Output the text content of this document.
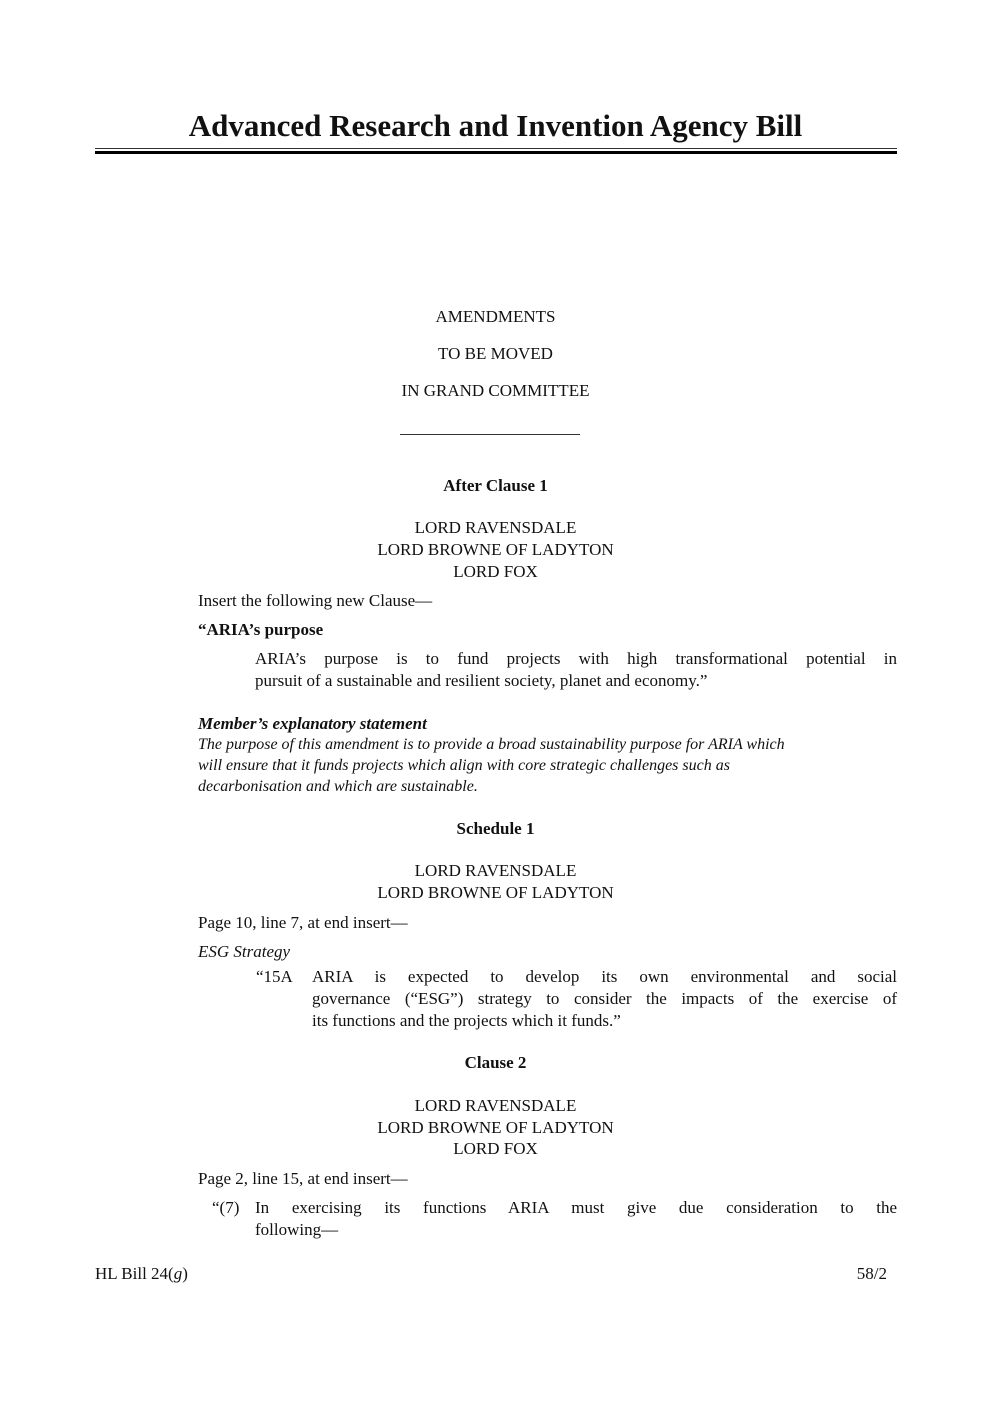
Advanced Research and Invention Agency Bill
AMENDMENTS
TO BE MOVED
IN GRAND COMMITTEE
After Clause 1
LORD RAVENSDALE
LORD BROWNE OF LADYTON
LORD FOX
Insert the following new Clause—
“ARIA’s purpose
ARIA’s purpose is to fund projects with high transformational potential in
pursuit of a sustainable and resilient society, planet and economy.”
Member’s explanatory statement
The purpose of this amendment is to provide a broad sustainability purpose for ARIA which
will ensure that it funds projects which align with core strategic challenges such as
decarbonisation and which are sustainable.
Schedule 1
LORD RAVENSDALE
LORD BROWNE OF LADYTON
Page 10, line 7, at end insert—
ESG Strategy
“15A ARIA is expected to develop its own environmental and social
governance (“ESG”) strategy to consider the impacts of the exercise of
its functions and the projects which it funds.”
Clause 2
LORD RAVENSDALE
LORD BROWNE OF LADYTON
LORD FOX
Page 2, line 15, at end insert—
“(7) In exercising its functions ARIA must give due consideration to the
following—
HL Bill 24(g)	58/2
